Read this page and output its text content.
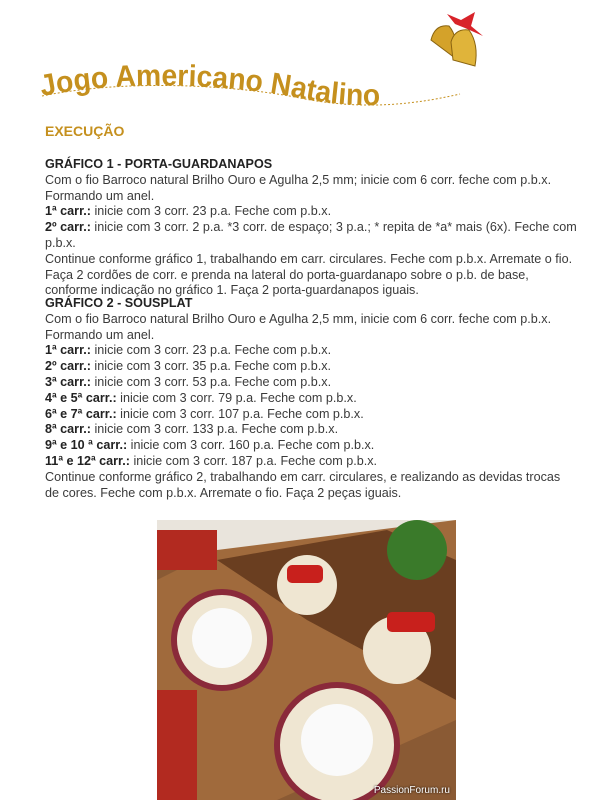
ogo Americano Natalino
EXECUÇÃO
GRÁFICO 1 - PORTA-GUARDANAPOS
Com o fio Barroco natural Brilho Ouro e Agulha 2,5 mm; inicie com 6 corr. feche com p.b.x.
Formando um anel.
1ª carr.: inicie com 3 corr. 23 p.a. Feche com p.b.x.
2º carr.: inicie com 3 corr. 2 p.a. *3 corr. de espaço; 3 p.a.; * repita de *a* mais (6x). Feche com p.b.x.
Continue conforme gráfico 1, trabalhando em carr. circulares. Feche com p.b.x. Arremate o fio.
Faça 2 cordões de corr. e prenda na lateral do porta-guardanapo sobre o p.b. de base,
conforme indicação no gráfico 1. Faça 2 porta-guardanapos iguais.
GRÁFICO 2 - SOUSPLAT
Com o fio Barroco natural Brilho Ouro e Agulha 2,5 mm, inicie com 6 corr. feche com p.b.x.
Formando um anel.
1ª carr.: inicie com 3 corr. 23 p.a. Feche com p.b.x.
2º carr.: inicie com 3 corr. 35 p.a. Feche com p.b.x.
3ª carr.: inicie com 3 corr. 53 p.a. Feche com p.b.x.
4ª e 5ª carr.: inicie com 3 corr. 79 p.a. Feche com p.b.x.
6ª e 7ª carr.: inicie com 3 corr. 107 p.a. Feche com p.b.x.
8ª carr.: inicie com 3 corr. 133 p.a. Feche com p.b.x.
9ª e 10 ª carr.: inicie com 3 corr. 160 p.a. Feche com p.b.x.
11ª e 12ª carr.: inicie com 3 corr. 187 p.a. Feche com p.b.x.
Continue conforme gráfico 2, trabalhando em carr. circulares, e realizando as devidas trocas
de cores. Feche com p.b.x. Arremate o fio. Faça 2 peças iguais.
PassionForum.ru
